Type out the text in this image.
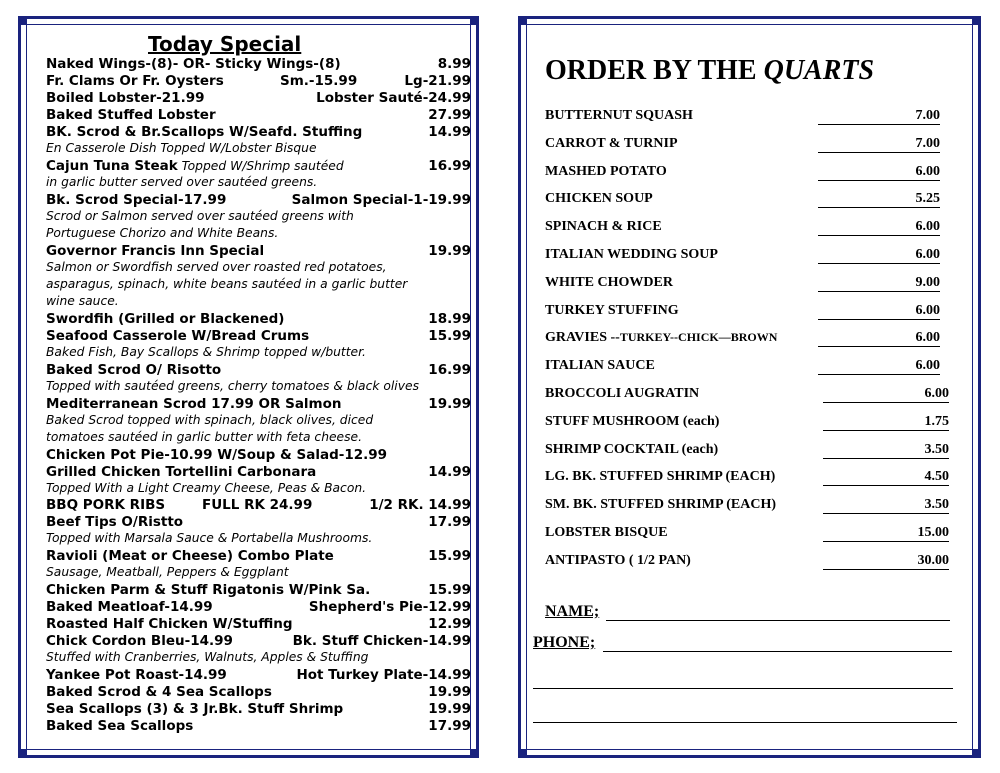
Today Special
Naked Wings-(8)- OR- Sticky Wings-(8)	8.99
Fr. Clams Or Fr. Oysters	Sm.-15.99	Lg-21.99
Boiled Lobster-21.99	Lobster Sauté-24.99
Baked Stuffed Lobster	27.99
BK. Scrod & Br.Scallops W/Seafd. Stuffing	14.99
En Casserole Dish Topped W/Lobster Bisque
Cajun Tuna Steak Topped W/Shrimp sautéed	16.99
in garlic butter served over sautéed greens.
Bk. Scrod Special-17.99	Salmon Special-1-19.99
Scrod or Salmon served over sautéed greens with
Portuguese Chorizo and White Beans.
Governor Francis Inn Special	19.99
Salmon or Swordfish served over roasted red potatoes,
asparagus, spinach, white beans sautéed in a garlic butter
wine sauce.
Swordfih (Grilled or Blackened)	18.99
Seafood Casserole W/Bread Crums	15.99
Baked Fish, Bay Scallops & Shrimp topped w/butter.
Baked Scrod O/ Risotto	16.99
Topped with sautéed greens, cherry tomatoes & black olives
Mediterranean Scrod 17.99 OR Salmon	19.99
Baked Scrod topped with spinach, black olives, diced
tomatoes sautéed in garlic butter with feta cheese.
Chicken Pot Pie-10.99 W/Soup & Salad-12.99
Grilled Chicken Tortellini Carbonara	14.99
Topped With a Light Creamy Cheese, Peas & Bacon.
BBQ PORK RIBS	FULL RK 24.99	1/2 RK. 14.99
Beef Tips O/Ristto	17.99
Topped with Marsala Sauce & Portabella Mushrooms.
Ravioli (Meat or Cheese) Combo Plate	15.99
Sausage, Meatball, Peppers & Eggplant
Chicken Parm & Stuff Rigatonis W/Pink Sa.	15.99
Baked Meatloaf-14.99	Shepherd's Pie-12.99
Roasted Half Chicken W/Stuffing	12.99
Chick Cordon Bleu-14.99	Bk. Stuff Chicken-14.99
Stuffed with Cranberries, Walnuts, Apples & Stuffing
Yankee Pot Roast-14.99	Hot Turkey Plate-14.99
Baked Scrod & 4 Sea Scallops	19.99
Sea Scallops (3) & 3 Jr.Bk. Stuff Shrimp	19.99
Baked Sea Scallops	17.99
ORDER BY THE QUARTS
BUTTERNUT SQUASH	7.00
CARROT & TURNIP	7.00
MASHED POTATO	6.00
CHICKEN SOUP	5.25
SPINACH & RICE	6.00
ITALIAN WEDDING SOUP	6.00
WHITE CHOWDER	9.00
TURKEY STUFFING	6.00
GRAVIES --TURKEY--CHICK—BROWN	6.00
ITALIAN SAUCE	6.00
BROCCOLI AUGRATIN	6.00
STUFF MUSHROOM (each)	1.75
SHRIMP COCKTAIL (each)	3.50
LG. BK. STUFFED SHRIMP (EACH)	4.50
SM. BK. STUFFED SHRIMP (EACH)	3.50
LOBSTER BISQUE	15.00
ANTIPASTO ( 1/2 PAN)	30.00
NAME;
PHONE;
